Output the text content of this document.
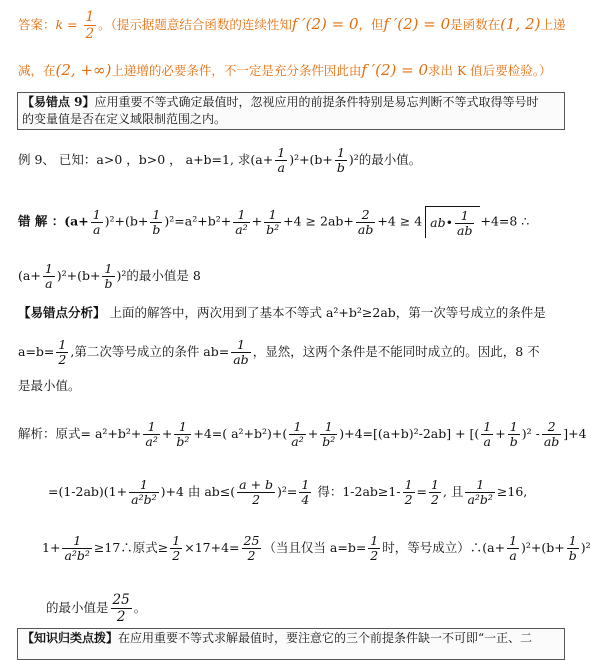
答案：$k = \frac{1}{2}$ 。（提示据题意结合函数的连续性知f ′(2) = 0，但f ′(2) = 0是函数在(1, 2)上递
减，在(2, +∞)上递增的必要条件，不一定是充分条件因此由f ′(2) = 0求出 K 值后要检验。）
【易错点 9】应用重要不等式确定最值时，忽视应用的前提条件特别是易忘判断不等式取得等号时
的变量值是否在定义域限制范围之内。
例 9、 已知：a>0 ，b>0 ， a+b=1, 求$(a+ \frac{1}{a} )^2+(b+ \frac{1}{b} )^2$的最小值。
错 解 ：$(a+ \frac{1}{a} )^2+(b+ \frac{1}{b} )^2=a^2+b^2+ \frac{1}{\text{a²}} + \frac{1}{\text{b²}} +4 \ge 2ab+ \frac{2}{ab} +4 \ge 4$ ab• $\frac{1}{ab} +4=8$ ∴
$(a+ \frac{1}{a} )^2+(b+ \frac{1}{b} )^2$的最小值是 8
【易错点分析】 上面的解答中，两次用到了基本不等式 a²+b²≥2ab，第一次等号成立的条件是
$a=b= \frac{1}{2}$ ,第二次等号成立的条件 $ab= \frac{1}{ab}$ ，显然，这两个条件是不能同时成立的。因此，8 不
是最小值。
解析：原式= $a^2+b^2+ \frac{1}{\text{a²}} + \frac{1}{\text{b²}} +4=$( $a^2+b^2)+( \frac{1}{\text{a²}} + \frac{1}{\text{b²}} )+4=[(a+b)^2-2ab]$ + [( $\frac{1}{a} + \frac{1}{b} )^2 - \frac{2}{ab} ]+4$
$=(1-2ab)(1+ \frac{1}{\text{a²b²}} )+4$ 由 $ab\le( \frac{a + b}{2} )^2= \frac{1}{4}$ 得：$1-2ab\ge 1- \frac{1}{2} = \frac{1}{2}$ , 且 $\frac{1}{\text{a²b²}} \ge 16$,
$1+ \frac{1}{\text{a²b²}}$ ≥17∴原式≥ $\frac{1}{2} \times 17+4= \frac{25}{2}$ （当且仅当 $a=b= \frac{1}{2}$ 时，等号成立）∴(a+ $\frac{1}{a} )^2+(b+ \frac{1}{b} )^2$
的最小值是 $\frac{25}{2}$ 。
【知识归类点拨】在应用重要不等式求解最值时，要注意它的三个前提条件缺一不可即“一正、二
